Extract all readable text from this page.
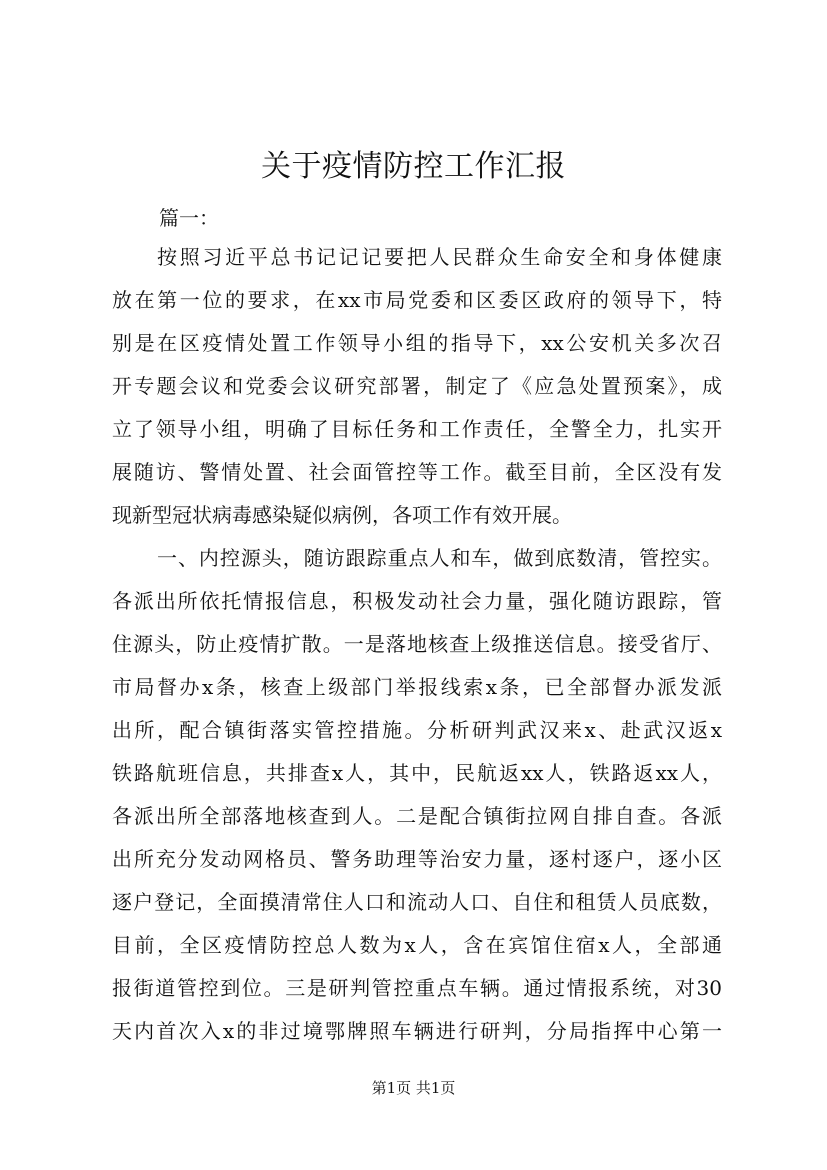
关于疫情防控工作汇报
篇一：
按照习近平总书记记记要把人民群众生命安全和身体健康
放在第一位的要求，在xx市局党委和区委区政府的领导下，特
别是在区疫情处置工作领导小组的指导下，xx公安机关多次召
开专题会议和党委会议研究部署，制定了《应急处置预案》，成
立了领导小组，明确了目标任务和工作责任，全警全力，扎实开
展随访、警情处置、社会面管控等工作。截至目前，全区没有发
现新型冠状病毒感染疑似病例，各项工作有效开展。
一、内控源头，随访跟踪重点人和车，做到底数清，管控实。
各派出所依托情报信息，积极发动社会力量，强化随访跟踪，管
住源头，防止疫情扩散。一是落地核查上级推送信息。接受省厅、
市局督办x条，核查上级部门举报线索x条，已全部督办派发派
出所，配合镇街落实管控措施。分析研判武汉来x、赴武汉返x
铁路航班信息，共排查x人，其中，民航返xx人，铁路返xx人，
各派出所全部落地核查到人。二是配合镇街拉网自排自查。各派
出所充分发动网格员、警务助理等治安力量，逐村逐户，逐小区
逐户登记，全面摸清常住人口和流动人口、自住和租赁人员底数，
目前，全区疫情防控总人数为x人，含在宾馆住宿x人，全部通
报街道管控到位。三是研判管控重点车辆。通过情报系统，对30
天内首次入x的非过境鄂牌照车辆进行研判，分局指挥中心第一
第1页 共1页
